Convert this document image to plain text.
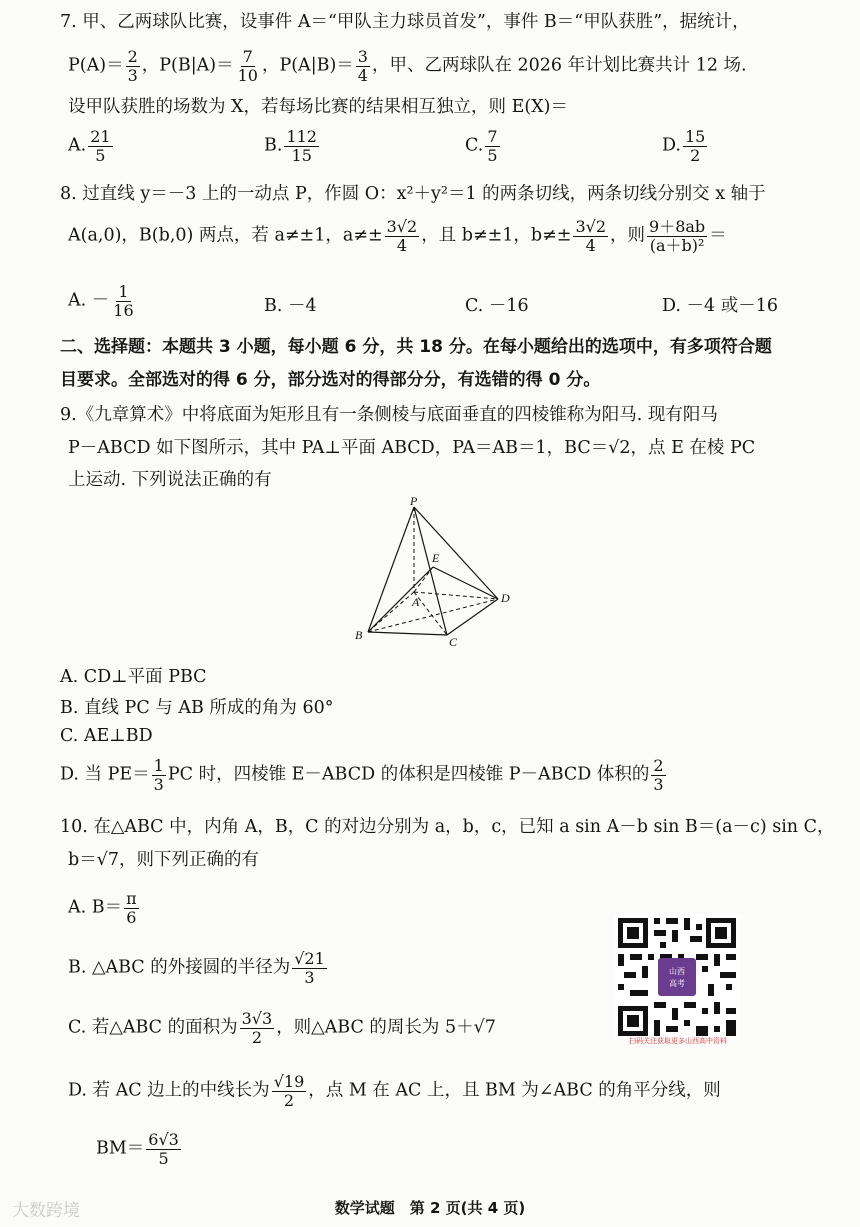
7. 甲、乙两球队比赛，设事件 A＝“甲队主力球员首发”，事件 B＝“甲队获胜”，据统计，
$P(A)= \frac{2}{3}$ ，$P(B|A)= \frac{7}{10}$ ，$P(A|B)= \frac{3}{4}$ ，甲、乙两球队在 2026 年计划比赛共计 12 场.
设甲队获胜的场数为 X，若每场比赛的结果相互独立，则 E(X)＝
A. $\frac{21}{5}$	B. $\frac{112}{15}$	C. $\frac{7}{5}$	D. $\frac{15}{2}$
8. 过直线 y＝－3 上的一动点 P，作圆 O：x²＋y²＝1 的两条切线，两条切线分别交 x 轴于
A(a,0)，B(b,0) 两点，若 a≠±1，$a\ne\pm \frac{3√2}{4}$ ，且 b≠±1，$b\ne\pm \frac{3√2}{4}$ ，则 $\frac{9+8ab}{\text{(a＋b)²}}$ ＝
A. － $\frac{1}{16}$	B. －4	C. －16	D. －4 或－16
二、选择题：本题共 3 小题，每小题 6 分，共 18 分。在每小题给出的选项中，有多项符合题
目要求。全部选对的得 6 分，部分选对的得部分分，有选错的得 0 分。
9.《九章算术》中将底面为矩形且有一条侧棱与底面垂直的四棱锥称为阳马. 现有阳马
P－ABCD 如下图所示，其中 PA⊥平面 ABCD，PA＝AB＝1，BC＝√2，点 E 在棱 PC
上运动. 下列说法正确的有
P
E
A	D
B	C
A. CD⊥平面 PBC
B. 直线 PC 与 AB 所成的角为 60°
C. AE⊥BD
D. 当 $PE= \frac{1}{3}$ PC 时，四棱锥 E－ABCD 的体积是四棱锥 P－ABCD 体积的 $\frac{2}{3}$
10. 在△ABC 中，内角 A，B，C 的对边分别为 a，b，c，已知 a sin A－b sin B＝(a－c) sin C，
b＝√7，则下列正确的有
A. $B= \frac{\pi}{6}$
B. △ABC 的外接圆的半径为 $\frac{√21}{3}$
C. 若△ABC 的面积为 $\frac{3√3}{2}$ ，则△ABC 的周长为 5＋√7
D. 若 AC 边上的中线长为 $\frac{√19}{2}$ ，点 M 在 AC 上，且 BM 为∠ABC 的角平分线，则
$BM= \frac{6√3}{5}$
山西
高考
扫码关注获取更多山西高中资料
大数跨境	数学试题　第 2 页(共 4 页)
